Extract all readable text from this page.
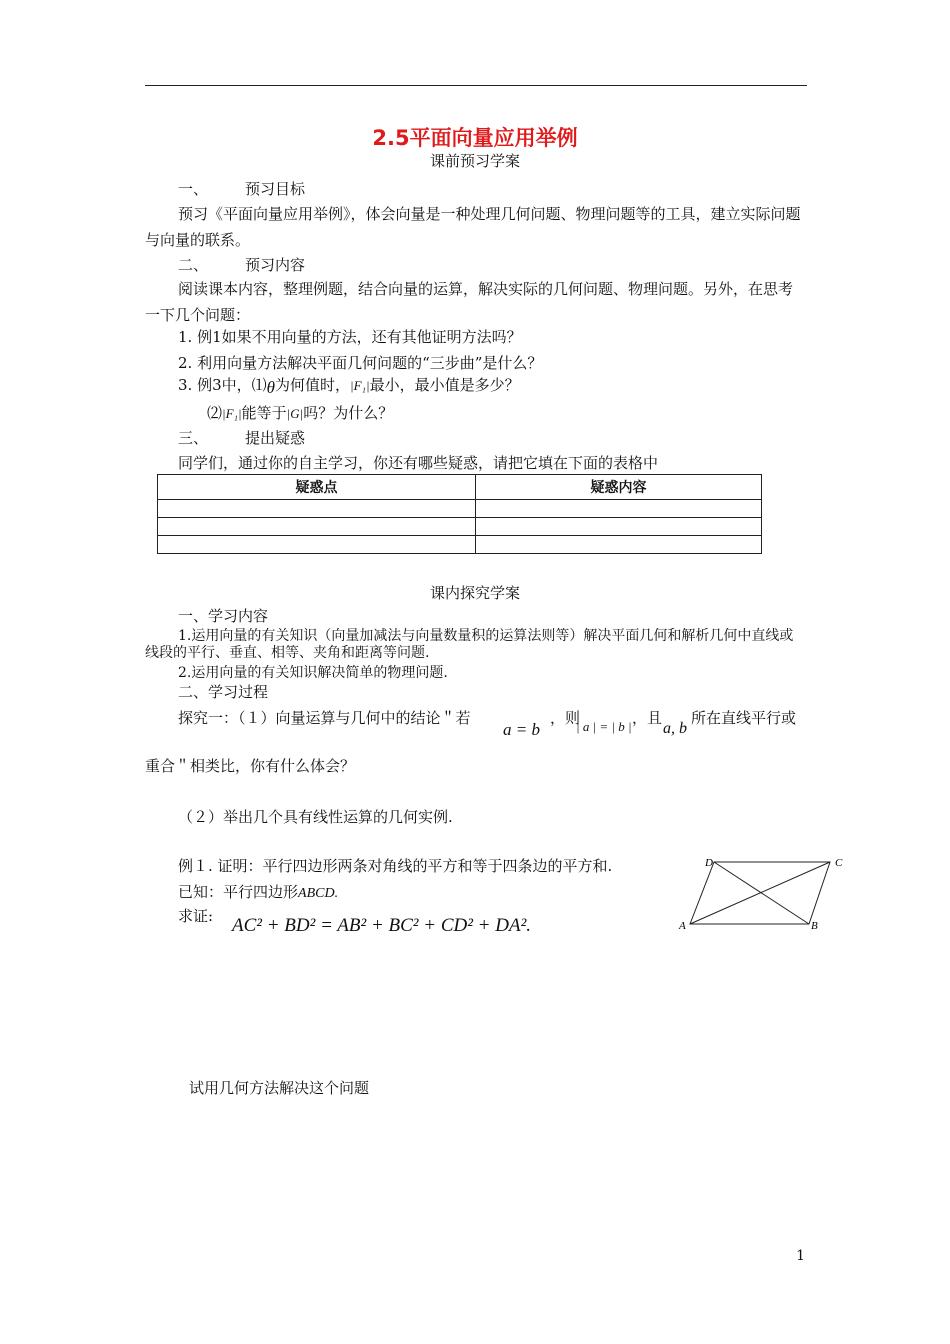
2.5平面向量应用举例
课前预习学案
一、 预习目标
预习《平面向量应用举例》，体会向量是一种处理几何问题、物理问题等的工具，建立实际问题与向量的联系。
二、 预习内容
阅读课本内容，整理例题，结合向量的运算，解决实际的几何问题、物理问题。另外，在思考一下几个问题：
1. 例1如果不用向量的方法，还有其他证明方法吗？
2. 利用向量方法解决平面几何问题的“三步曲”是什么？
3. 例3中，⑴θ为何值时，|F₁|最小，最小值是多少？
⑵|F₁|能等于|G|吗？为什么？
三、 提出疑惑
同学们，通过你的自主学习，你还有哪些疑惑，请把它填在下面的表格中
疑惑点	疑惑内容

课内探究学案
一、学习内容
1.运用向量的有关知识（向量加减法与向量数量积的运算法则等）解决平面几何和解析几何中直线或线段的平行、垂直、相等、夹角和距离等问题.
2.运用向量的有关知识解决简单的物理问题.
二、学习过程
探究一：（１）向量运算与几何中的结论＂若
a = b
，则
| a | = | b | ，且
a, b
所在直线平行或
重合＂相类比，你有什么体会？
（２）举出几个具有线性运算的几何实例.
例１. 证明：平行四边形两条对角线的平方和等于四条边的平方和.
已知：平行四边形ABCD.
求证: AC² + BD² = AB² + BC² + CD² + DA².
D	C
A	B
试用几何方法解决这个问题
1
